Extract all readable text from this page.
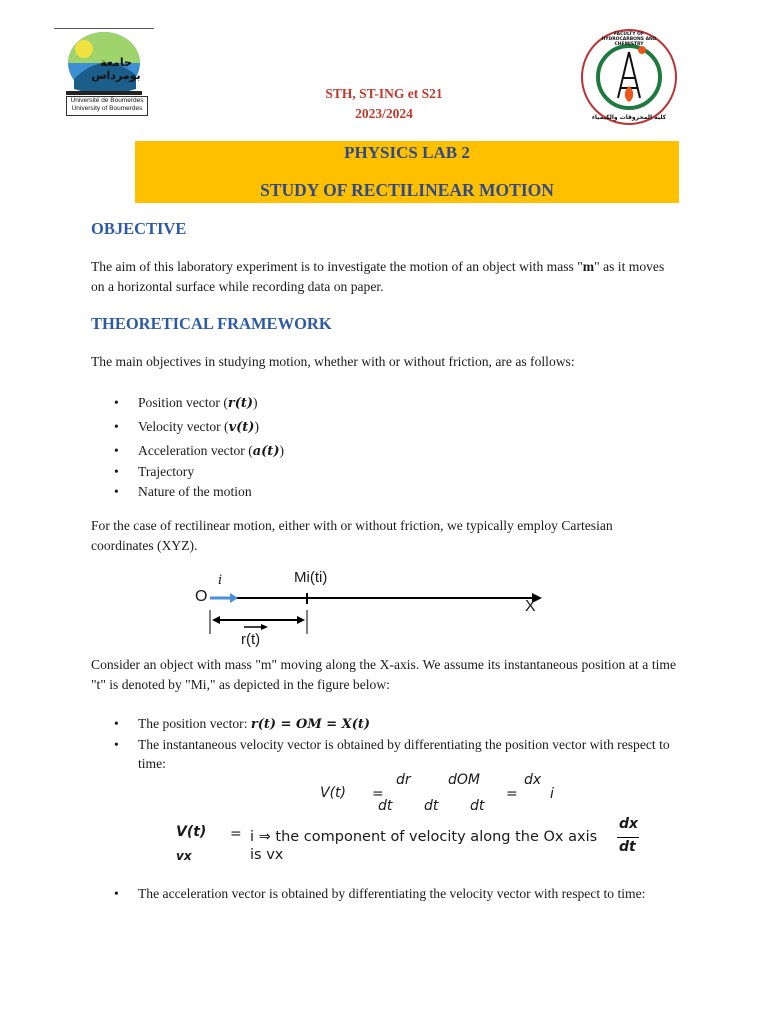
جامعة بومرداس
Université de Boumerdes
University of Boumerdes
STH, ST-ING et S21
2023/2024
FACULTY OF HYDROCARBONS AND CHEMISTRY
كلية المحروقات والكيمياء
PHYSICS LAB 2
STUDY OF RECTILINEAR MOTION
OBJECTIVE

The aim of this laboratory experiment is to investigate the motion of an object with mass "m" as it moves on a horizontal surface while recording data on paper.

THEORETICAL FRAMEWORK

The main objectives in studying motion, whether with or without friction, are as follows:

• Position vector (r(t))
• Velocity vector (v(t))
• Acceleration vector (a(t))
• Trajectory
• Nature of the motion

For the case of rectilinear motion, either with or without friction, we typically employ Cartesian coordinates (XYZ).

O
i	Mi(ti)
X
r(t)

Consider an object with mass "m" moving along the X-axis. We assume its instantaneous position at a time "t" is denoted by "Mi," as depicted in the figure below:

• The position vector: r(t) = OM = X(t)
• The instantaneous velocity vector is obtained by differentiating the position vector with respect to time:
V(t) =
dr
dt
dOM
dt
dx
dt
= i
V(t)
vx
= i ⇒ the component of velocity along the Ox axis is vx
dx
dt
• The acceleration vector is obtained by differentiating the velocity vector with respect to time:
